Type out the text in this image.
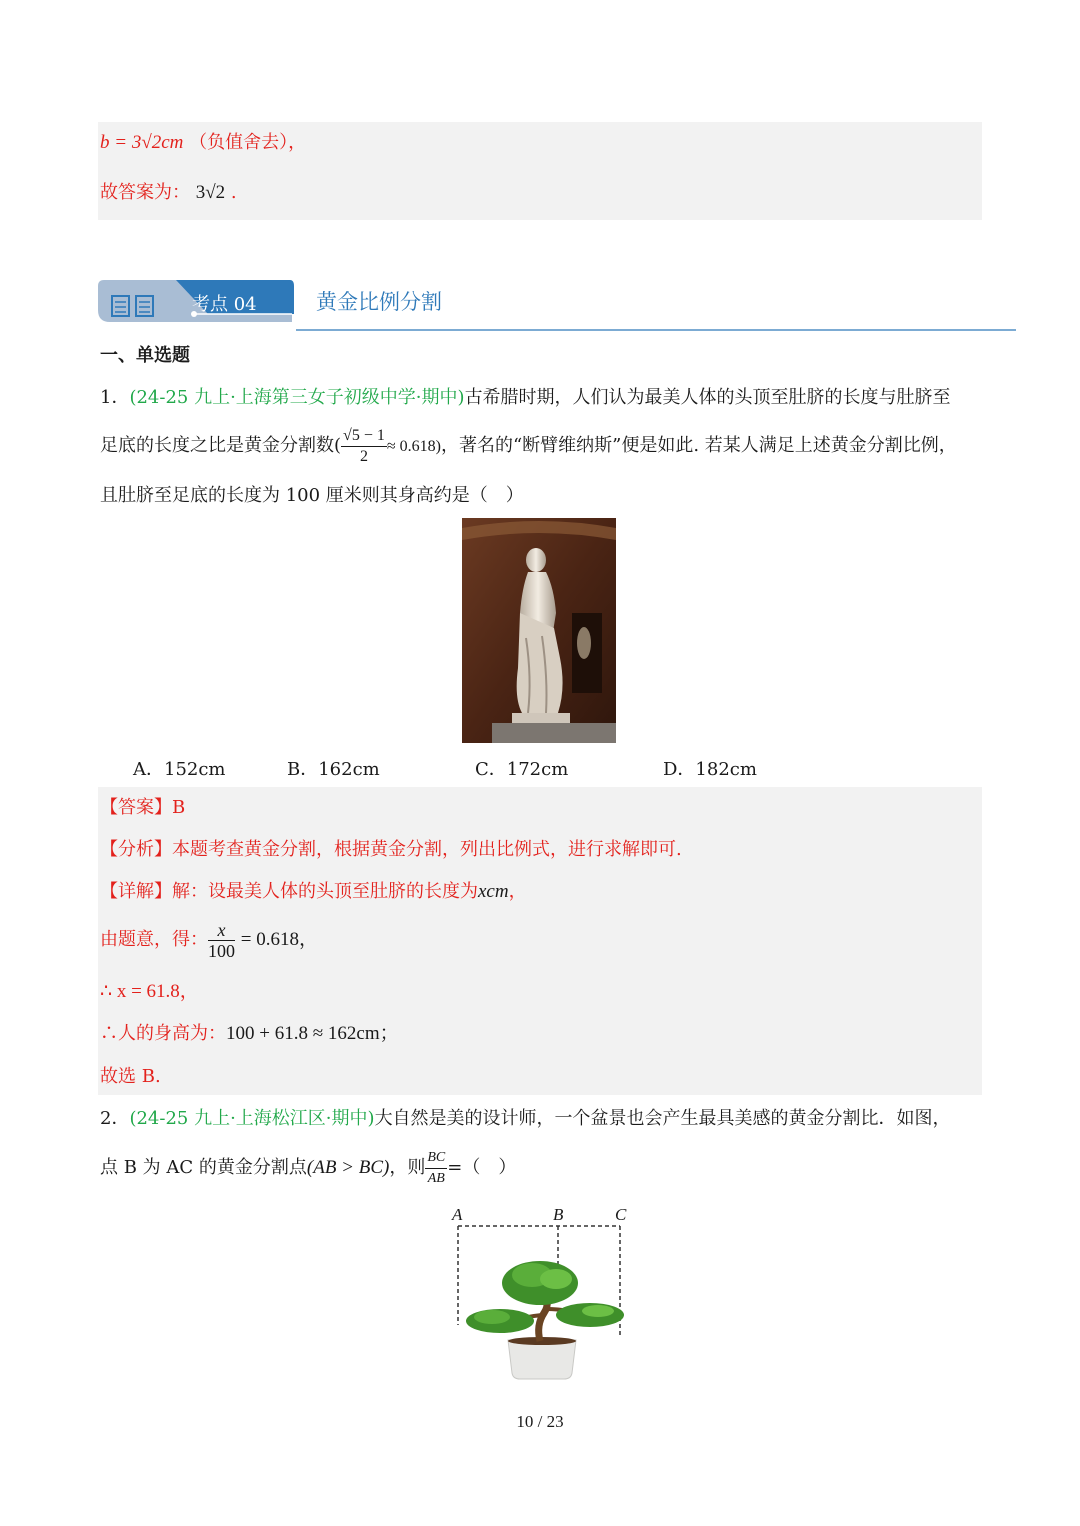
b = 3√2cm （负值舍去），
故答案为： 3√2 .
考点 04	黄金比例分割
一、单选题
1．(24-25 九上·上海第三女子初级中学·期中)古希腊时期，人们认为最美人体的头顶至肚脐的长度与肚脐至
足底的长度之比是黄金分割数( $\frac{√5 - 1}{2} \approx 0.618$)，著名的“断臂维纳斯”便是如此. 若某人满足上述黄金分割比例，
且肚脐至足底的长度为 100 厘米则其身高约是（　）
A．152cm	B．162cm	C．172cm	D．182cm
【答案】B
【分析】本题考查黄金分割，根据黄金分割，列出比例式，进行求解即可.
【详解】解：设最美人体的头顶至肚脐的长度为xcm，
由题意，得： $\frac{x}{100} = 0.618$，
∴ x = 61.8，
∴人的身高为：100 + 61.8 ≈ 162cm；
故选 B.
2．(24-25 九上·上海松江区·期中)大自然是美的设计师，一个盆景也会产生最具美感的黄金分割比．如图，
点 B 为 AC 的黄金分割点(AB > BC)，则 $\frac{BC}{AB}$ =（　）
A	B	C
10 / 23
